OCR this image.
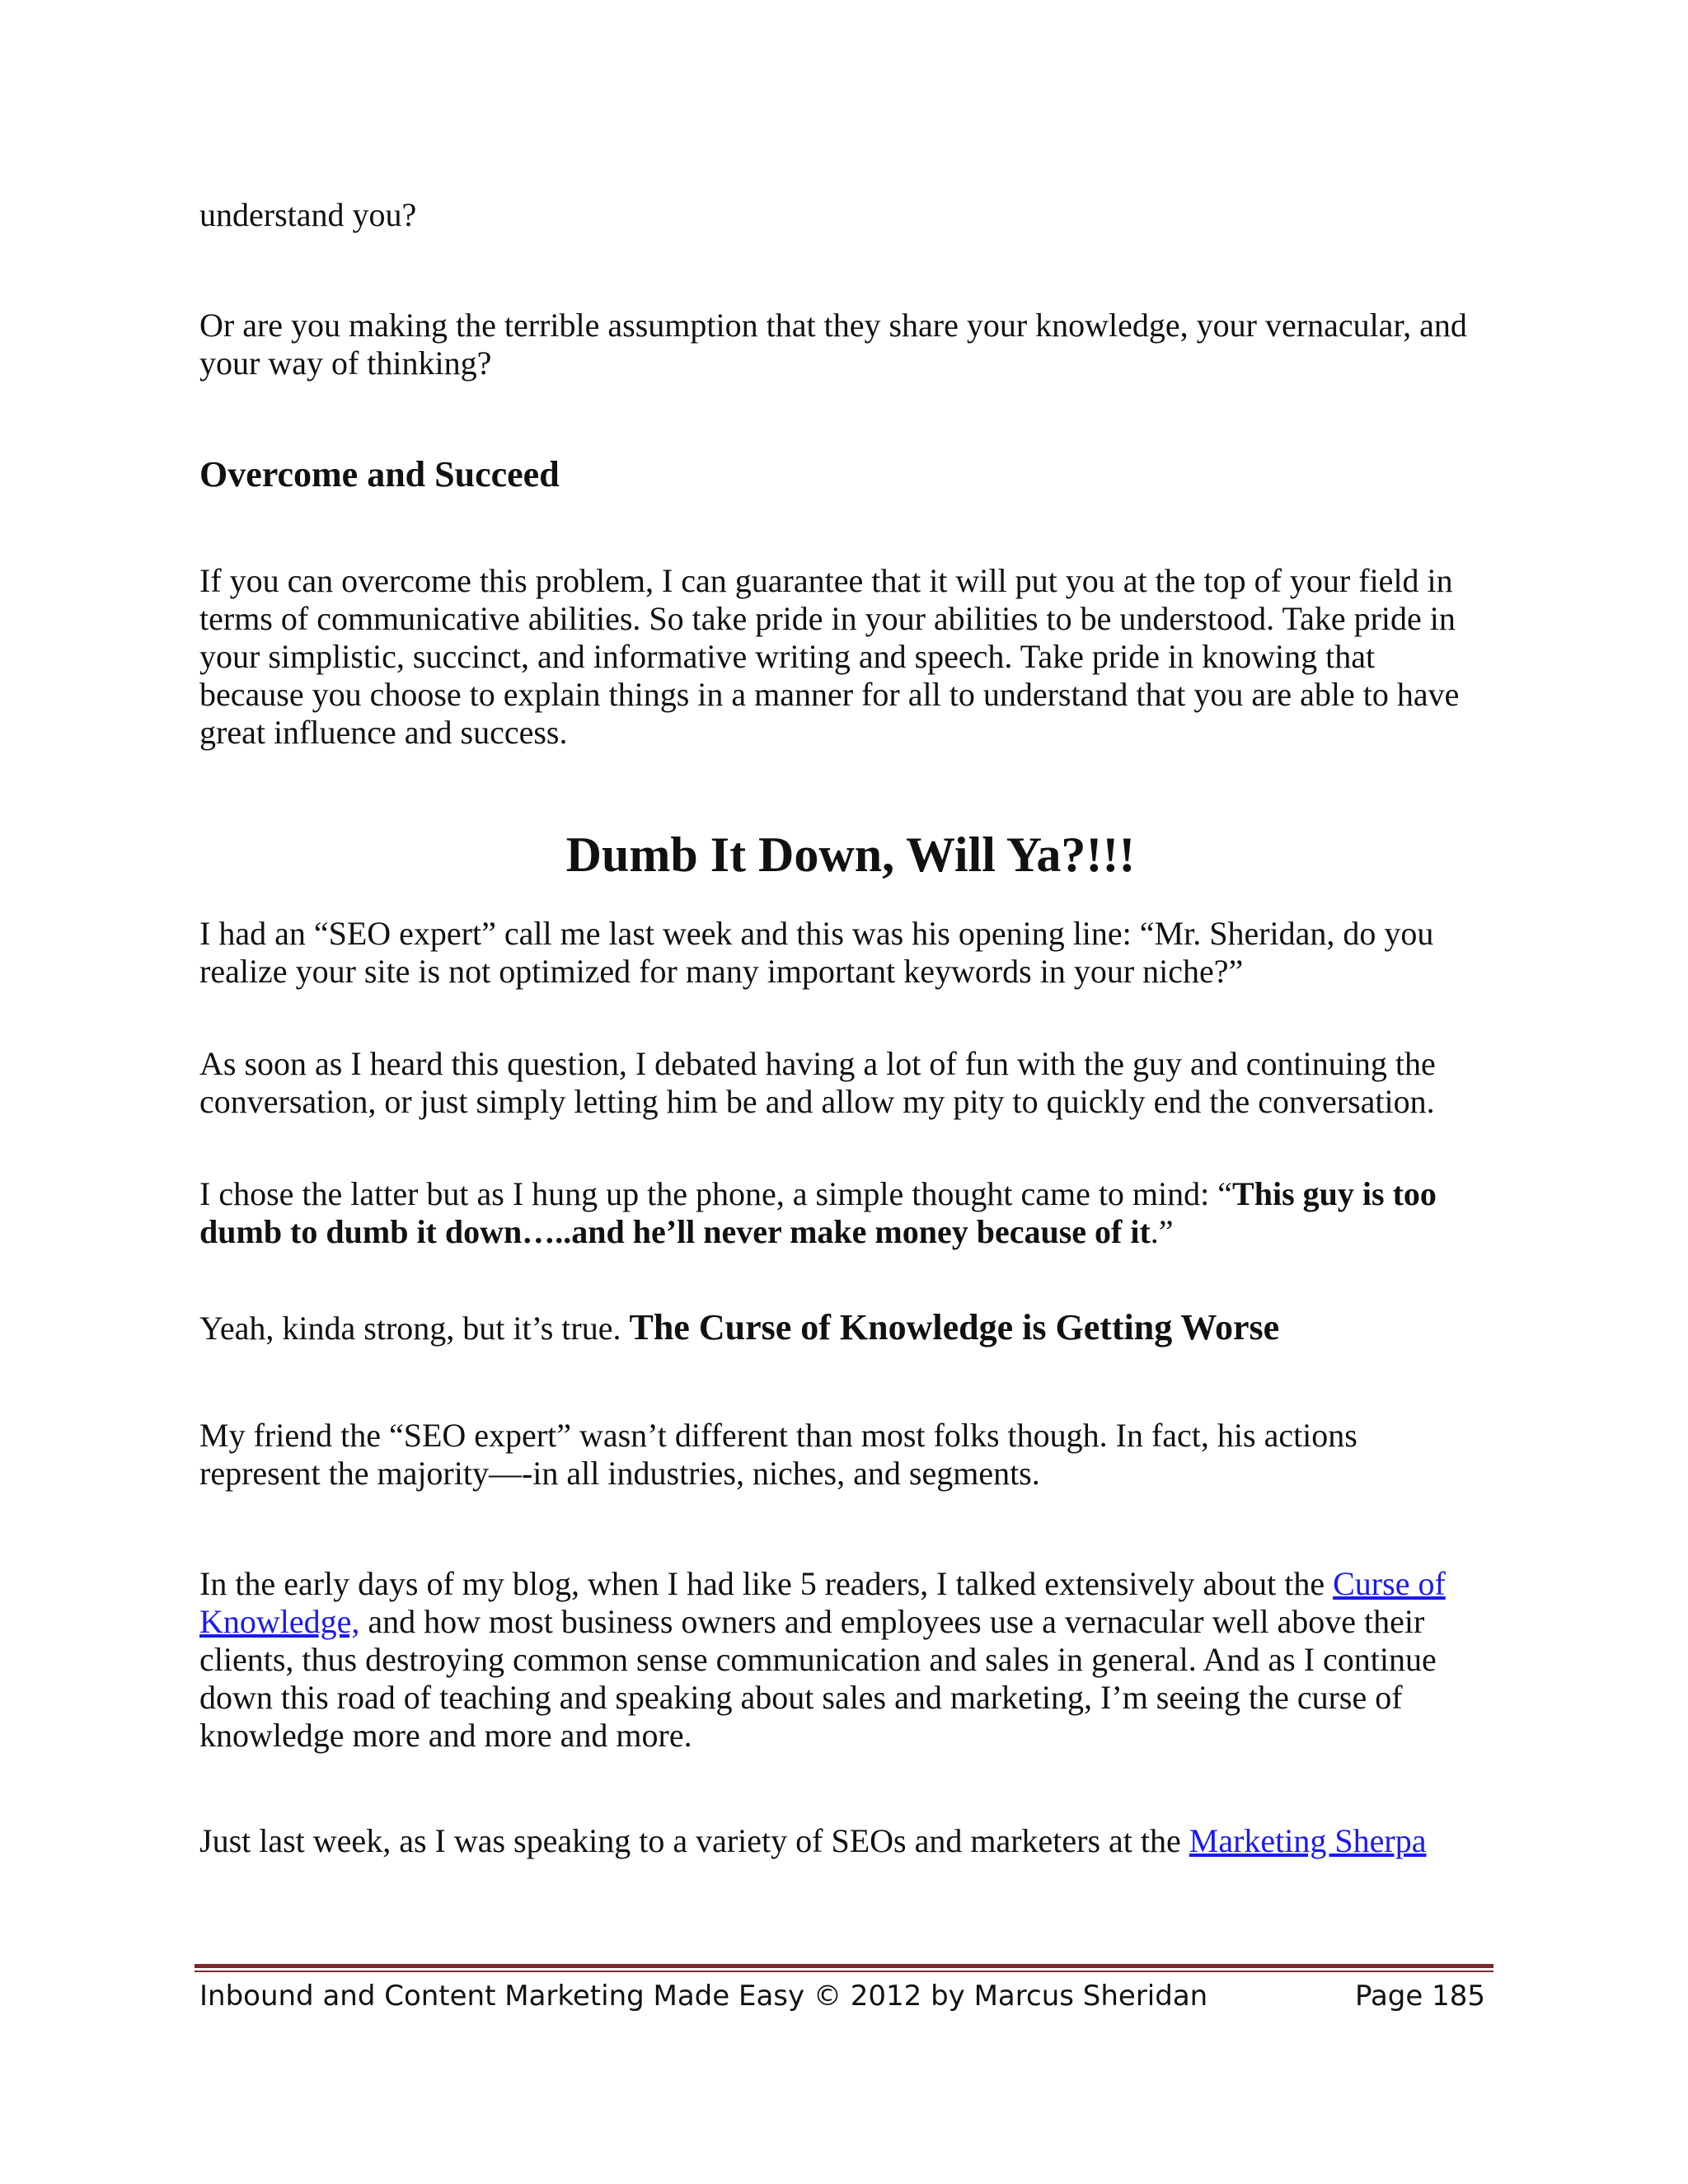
understand you?

Or are you making the terrible assumption that they share your knowledge, your vernacular, and
your way of thinking?

Overcome and Succeed

If you can overcome this problem, I can guarantee that it will put you at the top of your field in
terms of communicative abilities. So take pride in your abilities to be understood. Take pride in
your simplistic, succinct, and informative writing and speech. Take pride in knowing that
because you choose to explain things in a manner for all to understand that you are able to have
great influence and success.

Dumb It Down, Will Ya?!!!

I had an “SEO expert” call me last week and this was his opening line: “Mr. Sheridan, do you
realize your site is not optimized for many important keywords in your niche?”

As soon as I heard this question, I debated having a lot of fun with the guy and continuing the
conversation, or just simply letting him be and allow my pity to quickly end the conversation.

I chose the latter but as I hung up the phone, a simple thought came to mind: “This guy is too
dumb to dumb it down…..and he’ll never make money because of it.”

Yeah, kinda strong, but it’s true. The Curse of Knowledge is Getting Worse

My friend the “SEO expert” wasn’t different than most folks though. In fact, his actions
represent the majority—-in all industries, niches, and segments.

In the early days of my blog, when I had like 5 readers, I talked extensively about the Curse of
Knowledge, and how most business owners and employees use a vernacular well above their
clients, thus destroying common sense communication and sales in general. And as I continue
down this road of teaching and speaking about sales and marketing, I’m seeing the curse of
knowledge more and more and more.

Just last week, as I was speaking to a variety of SEOs and marketers at the Marketing Sherpa

Inbound and Content Marketing Made Easy © 2012 by Marcus Sheridan	Page 185
